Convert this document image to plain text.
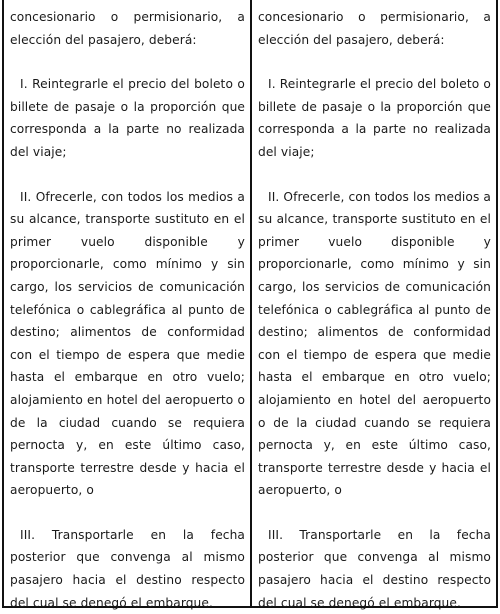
concesionario o permisionario, a elección del pasajero, deberá:

I. Reintegrarle el precio del boleto o billete de pasaje o la proporción que corresponda a la parte no realizada del viaje;

II. Ofrecerle, con todos los medios a su alcance, transporte sustituto en el primer vuelo disponible y proporcionarle, como mínimo y sin cargo, los servicios de comunicación telefónica o cablegráfica al punto de destino; alimentos de conformidad con el tiempo de espera que medie hasta el embarque en otro vuelo; alojamiento en hotel del aeropuerto o de la ciudad cuando se requiera pernocta y, en este último caso, transporte terrestre desde y hacia el aeropuerto, o

III. Transportarle en la fecha posterior que convenga al mismo pasajero hacia el destino respecto del cual se denegó el embarque.

concesionario o permisionario, a elección del pasajero, deberá:

I. Reintegrarle el precio del boleto o billete de pasaje o la proporción que corresponda a la parte no realizada del viaje;

II. Ofrecerle, con todos los medios a su alcance, transporte sustituto en el primer vuelo disponible y proporcionarle, como mínimo y sin cargo, los servicios de comunicación telefónica o cablegráfica al punto de destino; alimentos de conformidad con el tiempo de espera que medie hasta el embarque en otro vuelo; alojamiento en hotel del aeropuerto o de la ciudad cuando se requiera pernocta y, en este último caso, transporte terrestre desde y hacia el aeropuerto, o

III. Transportarle en la fecha posterior que convenga al mismo pasajero hacia el destino respecto del cual se denegó el embarque.
